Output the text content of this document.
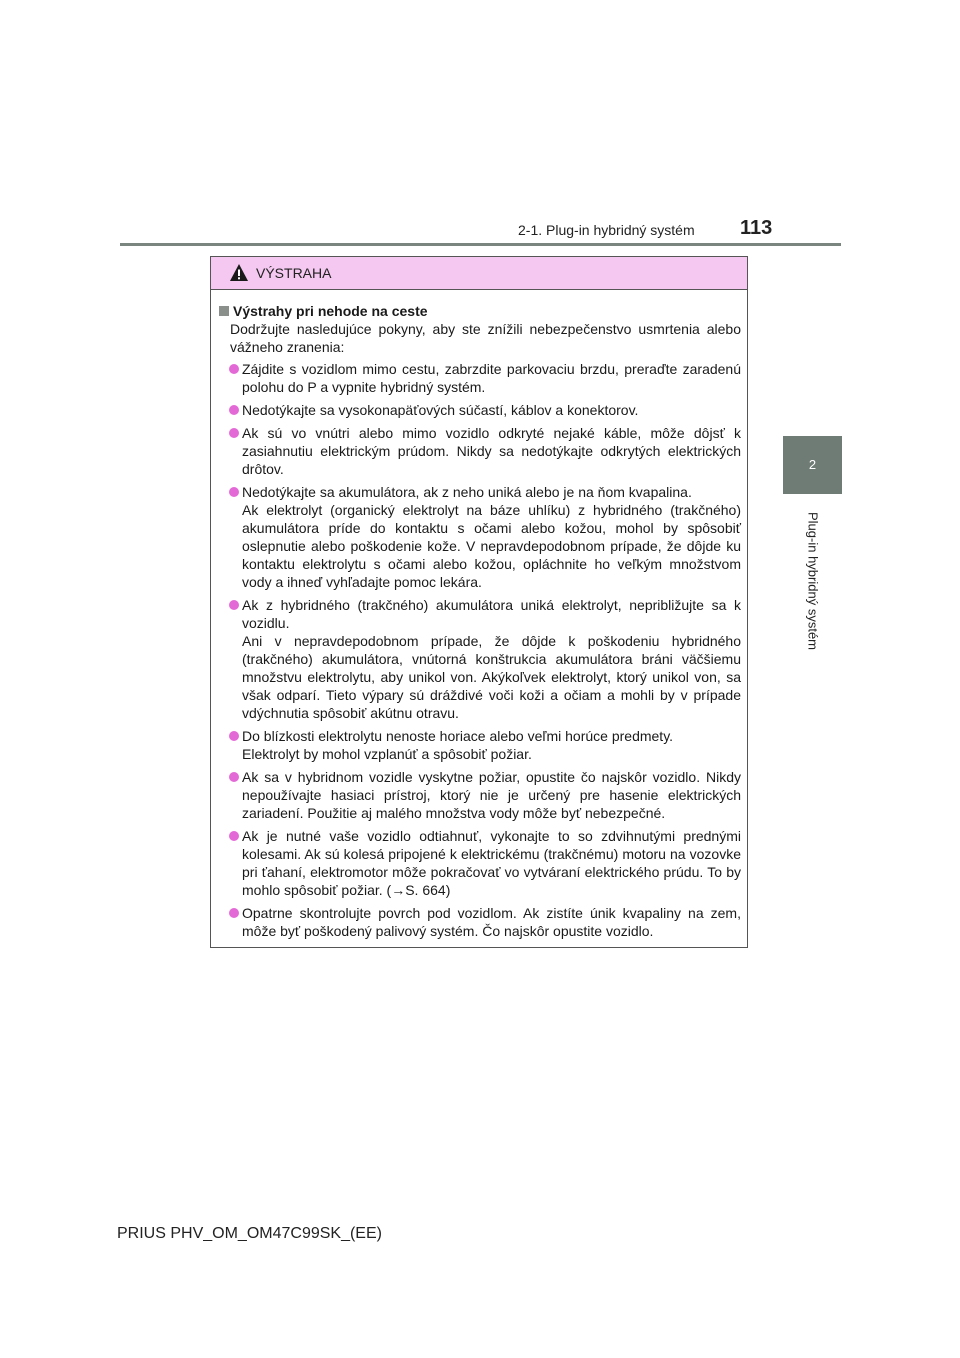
2-1. Plug-in hybridný systém 113
2
Plug-in hybridný systém
VÝSTRAHA
Výstrahy pri nehode na ceste
Dodržujte nasledujúce pokyny, aby ste znížili nebezpečenstvo usmrtenia alebo vážneho zranenia:
Zájdite s vozidlom mimo cestu, zabrzdite parkovaciu brzdu, preraďte zaradenú polohu do P a vypnite hybridný systém.
Nedotýkajte sa vysokonapäťových súčastí, káblov a konektorov.
Ak sú vo vnútri alebo mimo vozidlo odkryté nejaké káble, môže dôjsť k zasiahnutiu elektrickým prúdom. Nikdy sa nedotýkajte odkrytých elektrických drôtov.
Nedotýkajte sa akumulátora, ak z neho uniká alebo je na ňom kvapalina.
Ak elektrolyt (organický elektrolyt na báze uhlíku) z hybridného (trakčného) akumulátora príde do kontaktu s očami alebo kožou, mohol by spôsobiť oslepnutie alebo poškodenie kože. V nepravdepodobnom prípade, že dôjde ku kontaktu elektrolytu s očami alebo kožou, opláchnite ho veľkým množstvom vody a ihneď vyhľadajte pomoc lekára.
Ak z hybridného (trakčného) akumulátora uniká elektrolyt, nepribližujte sa k vozidlu.
Ani v nepravdepodobnom prípade, že dôjde k poškodeniu hybridného (trakčného) akumulátora, vnútorná konštrukcia akumulátora bráni väčšiemu množstvu elektrolytu, aby unikol von. Akýkoľvek elektrolyt, ktorý unikol von, sa však odparí. Tieto výpary sú dráždivé voči koži a očiam a mohli by v prípade vdýchnutia spôsobiť akútnu otravu.
Do blízkosti elektrolytu nenoste horiace alebo veľmi horúce predmety.
Elektrolyt by mohol vzplanúť a spôsobiť požiar.
Ak sa v hybridnom vozidle vyskytne požiar, opustite čo najskôr vozidlo. Nikdy nepoužívajte hasiaci prístroj, ktorý nie je určený pre hasenie elektrických zariadení. Použitie aj malého množstva vody môže byť nebezpečné.
Ak je nutné vaše vozidlo odtiahnuť, vykonajte to so zdvihnutými prednými kolesami. Ak sú kolesá pripojené k elektrickému (trakčnému) motoru na vozovke pri ťahaní, elektromotor môže pokračovať vo vytváraní elektrického prúdu. To by mohlo spôsobiť požiar. (→S. 664)
Opatrne skontrolujte povrch pod vozidlom. Ak zistíte únik kvapaliny na zem, môže byť poškodený palivový systém. Čo najskôr opustite vozidlo.
PRIUS PHV_OM_OM47C99SK_(EE)
